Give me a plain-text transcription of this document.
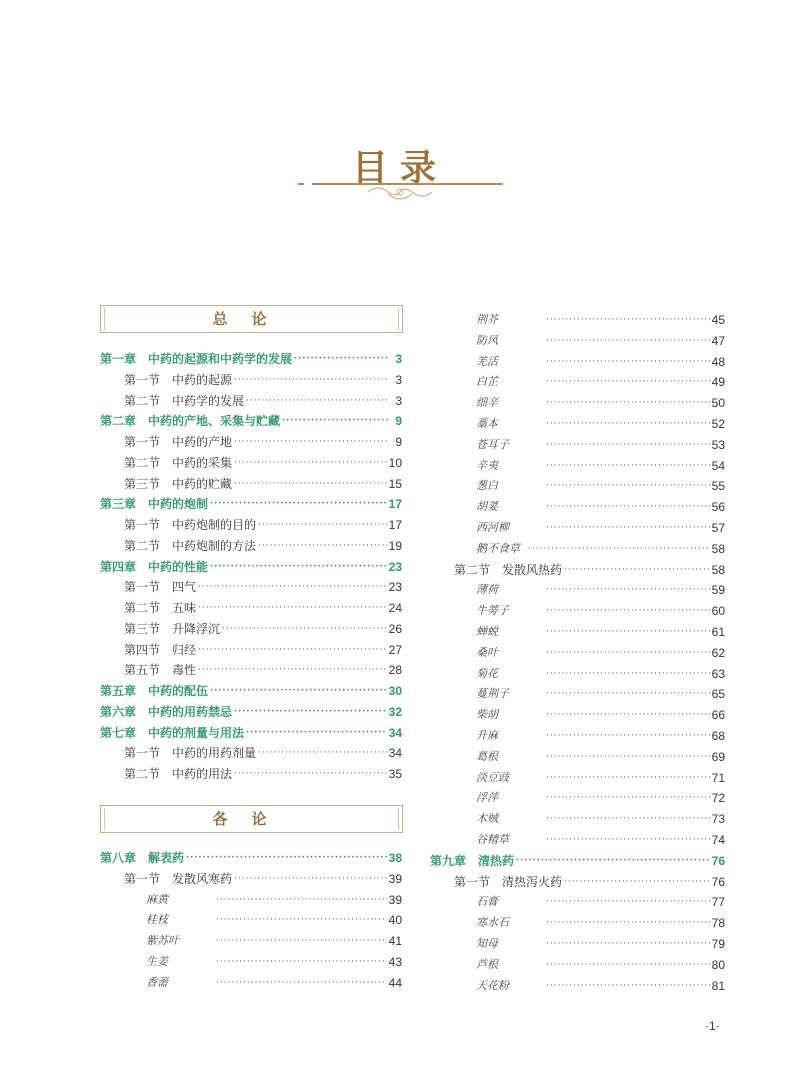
目录
总论
各论
·1·
第一章　中药的起源和中药学的发展 ·····	3
第一节　中药的起源 ·····	3
第二节　中药学的发展 ·····	3
第二章　中药的产地、采集与贮藏 ·····	9
第一节　中药的产地 ·····	9
第二节　中药的采集 ·····	10
第三节　中药的贮藏 ·····	15
第三章　中药的炮制 ·····	17
第一节　中药炮制的目的 ·····	17
第二节　中药炮制的方法 ·····	19
第四章　中药的性能 ·····	23
第一节　四气 ·····	23
第二节　五味 ·····	24
第三节　升降浮沉 ·····	26
第四节　归经 ·····	27
第五节　毒性 ·····	28
第五章　中药的配伍 ·····	30
第六章　中药的用药禁忌 ·····	32
第七章　中药的剂量与用法 ·····	34
第一节　中药的用药剂量 ·····	34
第二节　中药的用法 ·····	35
第八章　解表药 ·····	38
第一节　发散风寒药 ·····	39
麻黄 ·····	39
桂枝 ·····	40
紫苏叶 ·····	41
生姜 ·····	43
香薷 ·····	44
荆芥 ·····	45
防风 ·····	47
羌活 ·····	48
白芷 ·····	49
细辛 ·····	50
藁本 ·····	52
苍耳子 ·····	53
辛夷 ·····	54
葱白 ·····	55
胡荽 ·····	56
西河柳 ·····	57
鹅不食草 ·····	58
第二节　发散风热药 ·····	58
薄荷 ·····	59
牛蒡子 ·····	60
蝉蜕 ·····	61
桑叶 ·····	62
菊花 ·····	63
蔓荆子 ·····	65
柴胡 ·····	66
升麻 ·····	68
葛根 ·····	69
淡豆豉 ·····	71
浮萍 ·····	72
木贼 ·····	73
谷精草 ·····	74
第九章　清热药 ·····	76
第一节　清热泻火药 ·····	76
石膏 ·····	77
寒水石 ·····	78
知母 ·····	79
芦根 ·····	80
天花粉 ·····	81
